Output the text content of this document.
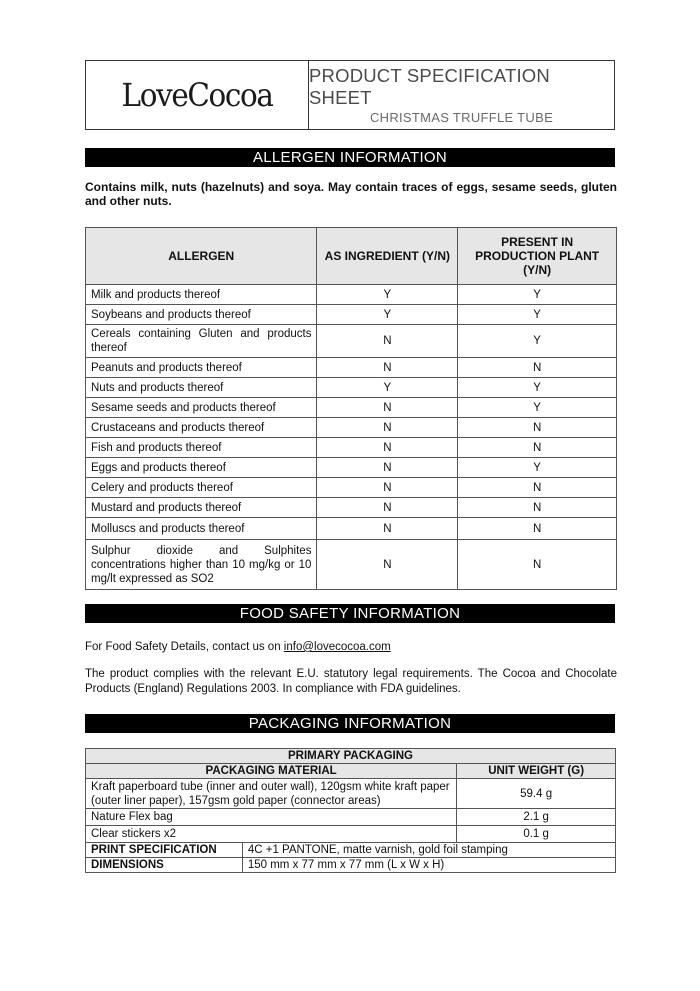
LoveCocoa
PRODUCT SPECIFICATION SHEET
CHRISTMAS TRUFFLE TUBE
ALLERGEN INFORMATION
Contains milk, nuts (hazelnuts) and soya. May contain traces of eggs, sesame seeds, gluten and other nuts.
ALLERGEN	AS INGREDIENT (Y/N)	PRESENT IN PRODUCTION PLANT (Y/N)
Milk and products thereof	Y	Y
Soybeans and products thereof	Y	Y
Cereals containing Gluten and products thereof	N	Y
Peanuts and products thereof	N	N
Nuts and products thereof	Y	Y
Sesame seeds and products thereof	N	Y
Crustaceans and products thereof	N	N
Fish and products thereof	N	N
Eggs and products thereof	N	Y
Celery and products thereof	N	N
Mustard and products thereof	N	N
Molluscs and products thereof	N	N
Sulphur dioxide and Sulphites concentrations higher than 10 mg/kg or 10 mg/lt expressed as SO2	N	N
FOOD SAFETY INFORMATION
For Food Safety Details, contact us on info@lovecocoa.com
The product complies with the relevant E.U. statutory legal requirements. The Cocoa and Chocolate Products (England) Regulations 2003. In compliance with FDA guidelines.
PACKAGING INFORMATION
PRIMARY PACKAGING		
PACKAGING MATERIAL		UNIT WEIGHT (G)
Kraft paperboard tube (inner and outer wall), 120gsm white kraft paper (outer liner paper), 157gsm gold paper (connector areas)		59.4 g
Nature Flex bag		2.1 g
Clear stickers x2		0.1 g
PRINT SPECIFICATION	4C +1 PANTONE, matte varnish, gold foil stamping	
DIMENSIONS	150 mm x 77 mm x 77 mm (L x W x H)	
